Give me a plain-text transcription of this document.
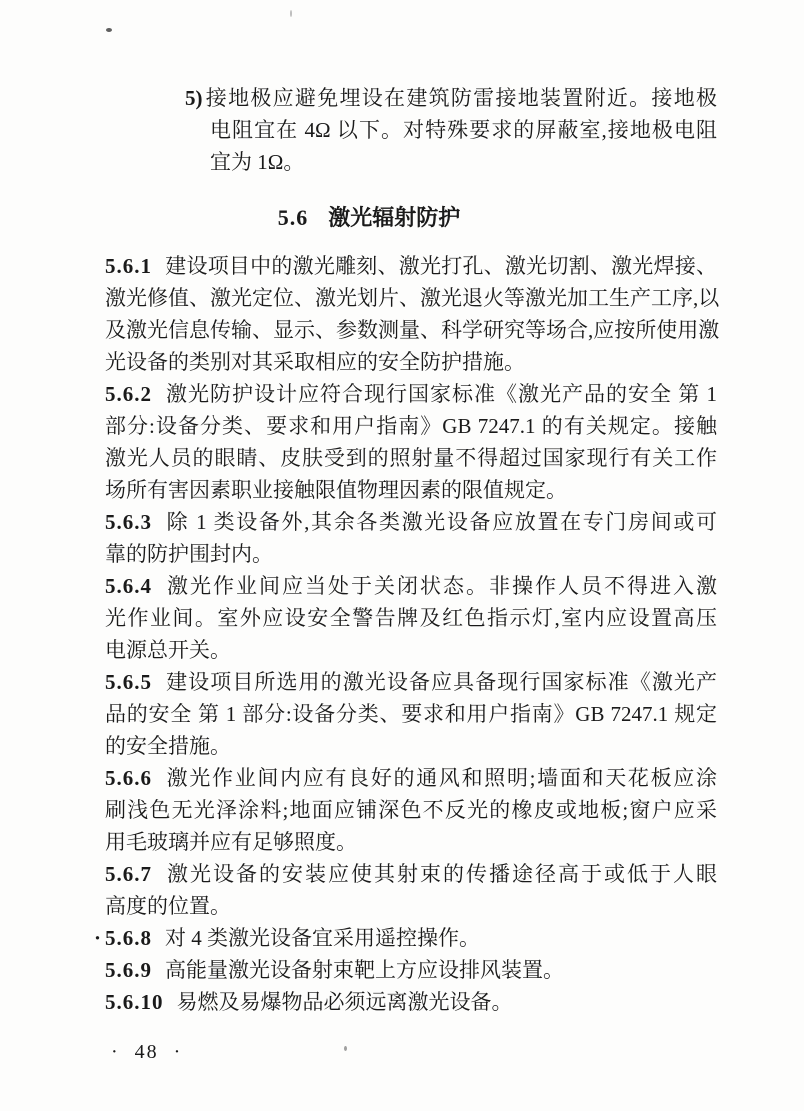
5)接地极应避免埋设在建筑防雷接地装置附近。接地极
电阻宜在 4Ω 以下。对特殊要求的屏蔽室,接地极电阻
宜为 1Ω。
5.6 激光辐射防护
5.6.1 建设项目中的激光雕刻、激光打孔、激光切割、激光焊接、
激光修值、激光定位、激光划片、激光退火等激光加工生产工序,以
及激光信息传输、显示、参数测量、科学研究等场合,应按所使用激
光设备的类别对其采取相应的安全防护措施。
5.6.2 激光防护设计应符合现行国家标准《激光产品的安全 第 1
部分:设备分类、要求和用户指南》GB 7247.1 的有关规定。接触
激光人员的眼睛、皮肤受到的照射量不得超过国家现行有关工作
场所有害因素职业接触限值物理因素的限值规定。
5.6.3 除 1 类设备外,其余各类激光设备应放置在专门房间或可
靠的防护围封内。
5.6.4 激光作业间应当处于关闭状态。非操作人员不得进入激
光作业间。室外应设安全警告牌及红色指示灯,室内应设置高压
电源总开关。
5.6.5 建设项目所选用的激光设备应具备现行国家标准《激光产
品的安全 第 1 部分:设备分类、要求和用户指南》GB 7247.1 规定
的安全措施。
5.6.6 激光作业间内应有良好的通风和照明;墙面和天花板应涂
刷浅色无光泽涂料;地面应铺深色不反光的橡皮或地板;窗户应采
用毛玻璃并应有足够照度。
5.6.7 激光设备的安装应使其射束的传播途径高于或低于人眼
高度的位置。
· 5.6.8 对 4 类激光设备宜采用遥控操作。
5.6.9 高能量激光设备射束靶上方应设排风装置。
5.6.10 易燃及易爆物品必须远离激光设备。
· 48 ·
